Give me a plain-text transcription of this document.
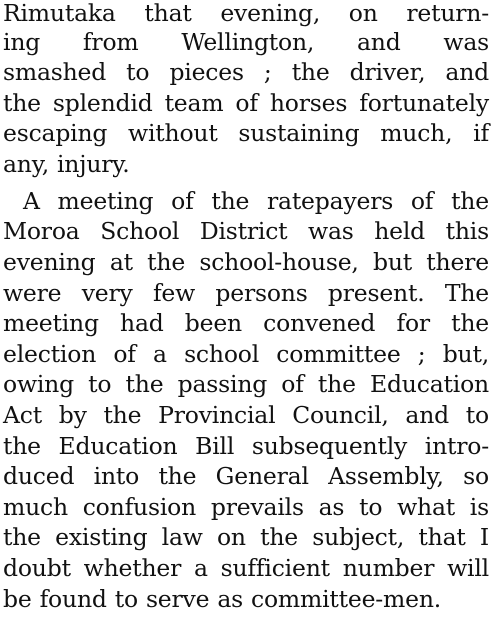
Rimutaka that evening, on return-
ing from Wellington, and was
smashed to pieces ; the driver, and
the splendid team of horses fortunately
escaping without sustaining much, if
any, injury.
A meeting of the ratepayers of the
Moroa School District was held this
evening at the school-house, but there
were very few persons present. The
meeting had been convened for the
election of a school committee ; but,
owing to the passing of the Education
Act by the Provincial Council, and to
the Education Bill subsequently intro-
duced into the General Assembly, so
much confusion prevails as to what is
the existing law on the subject, that I
doubt whether a sufficient number will
be found to serve as committee-men.
